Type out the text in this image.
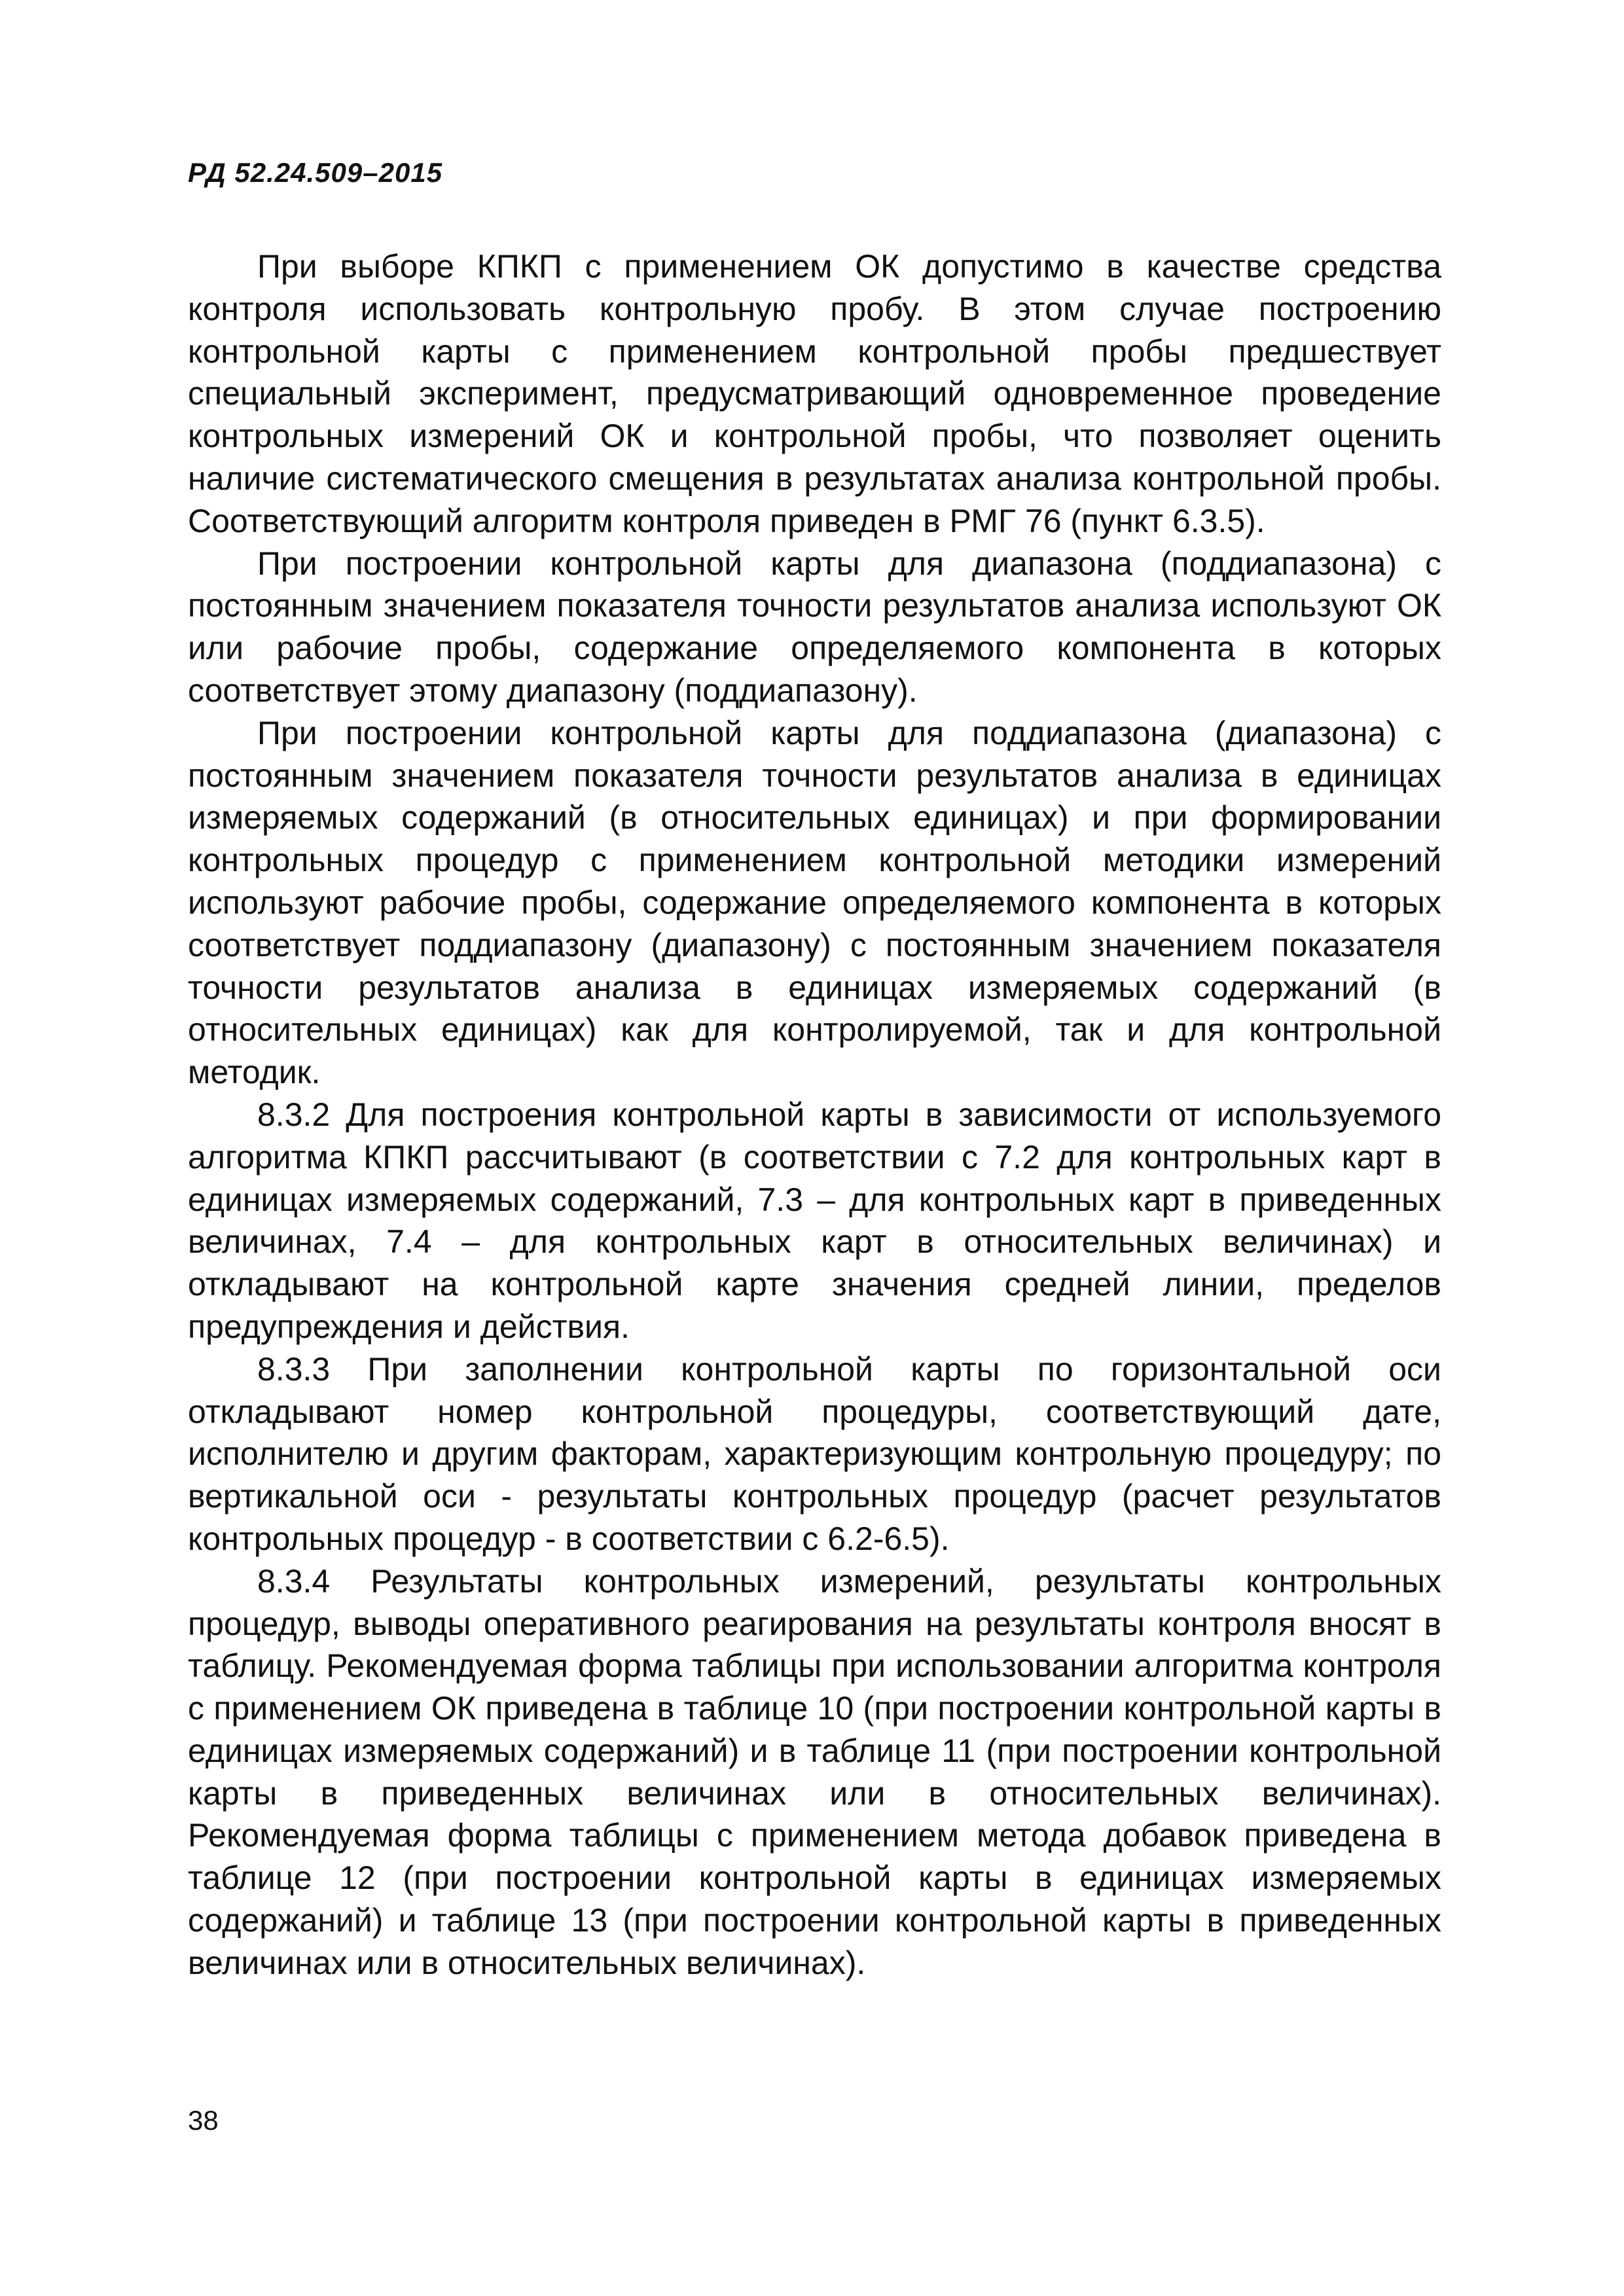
РД 52.24.509–2015

При выборе КПКП с применением ОК допустимо в качестве средства контроля использовать контрольную пробу. В этом случае построению контрольной карты с применением контрольной пробы предшествует специальный эксперимент, предусматривающий одновременное проведение контрольных измерений ОК и контрольной пробы, что позволяет оценить наличие систематического смещения в результатах анализа контрольной пробы. Соответствующий алгоритм контроля приведен в РМГ 76 (пункт 6.3.5).

При построении контрольной карты для диапазона (поддиапазона) с постоянным значением показателя точности результатов анализа используют ОК или рабочие пробы, содержание определяемого компонента в которых соответствует этому диапазону (поддиапазону).

При построении контрольной карты для поддиапазона (диапазона) с постоянным значением показателя точности результатов анализа в единицах измеряемых содержаний (в относительных единицах) и при формировании контрольных процедур с применением контрольной методики измерений используют рабочие пробы, содержание определяемого компонента в которых соответствует поддиапазону (диапазону) с постоянным значением показателя точности результатов анализа в единицах измеряемых содержаний (в относительных единицах) как для контролируемой, так и для контрольной методик.

8.3.2 Для построения контрольной карты в зависимости от используемого алгоритма КПКП рассчитывают (в соответствии с 7.2 для контрольных карт в единицах измеряемых содержаний, 7.3 – для контрольных карт в приведенных величинах, 7.4 – для контрольных карт в относительных величинах) и откладывают на контрольной карте значения средней линии, пределов предупреждения и действия.

8.3.3 При заполнении контрольной карты по горизонтальной оси откладывают номер контрольной процедуры, соответствующий дате, исполнителю и другим факторам, характеризующим контрольную процедуру; по вертикальной оси - результаты контрольных процедур (расчет результатов контрольных процедур - в соответствии с 6.2-6.5).

8.3.4 Результаты контрольных измерений, результаты контрольных процедур, выводы оперативного реагирования на результаты контроля вносят в таблицу. Рекомендуемая форма таблицы при использовании алгоритма контроля с применением ОК приведена в таблице 10 (при построении контрольной карты в единицах измеряемых содержаний) и в таблице 11 (при построении контрольной карты в приведенных величинах или в относительных величинах). Рекомендуемая форма таблицы с применением метода добавок приведена в таблице 12 (при построении контрольной карты в единицах измеряемых содержаний) и таблице 13 (при построении контрольной карты в приведенных величинах или в относительных величинах).

38
